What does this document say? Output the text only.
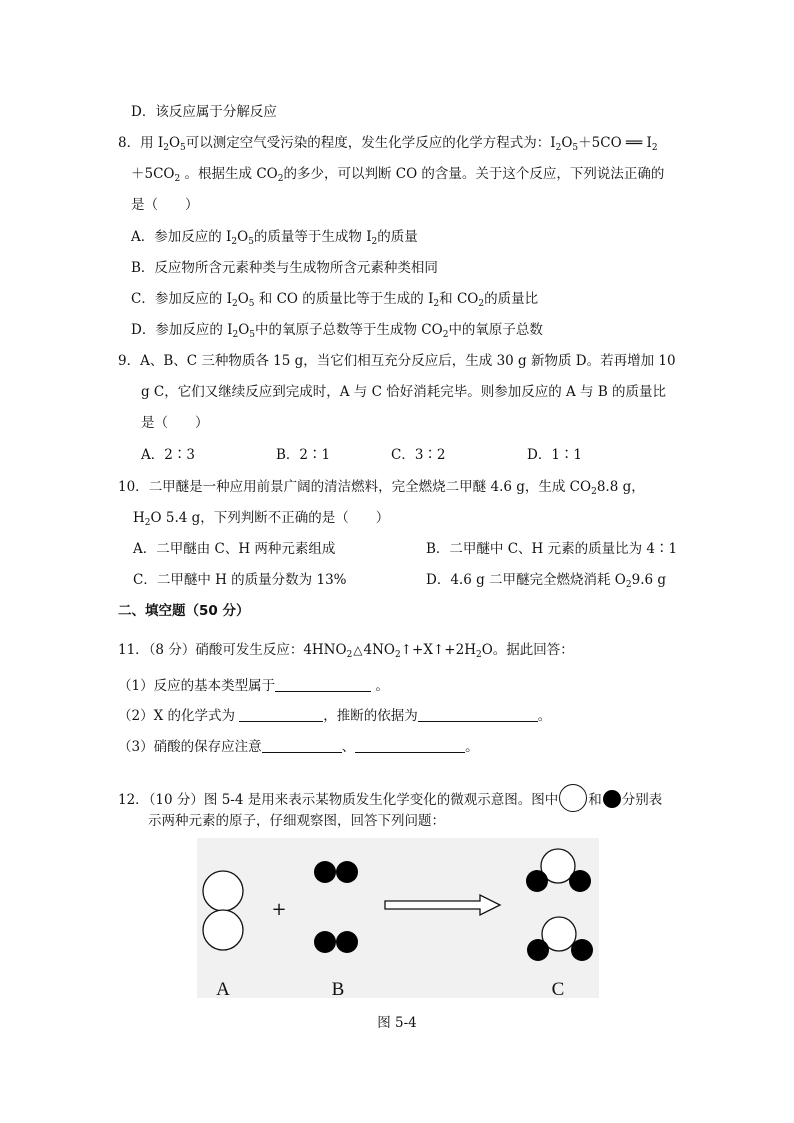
D．该反应属于分解反应
8．用 $I_2O_5$可以测定空气受污染的程度，发生化学反应的化学方程式为：$I_2O_5+5CO$ ══ $I_2$
$+5CO_2$ 。根据生成 $CO_2$的多少，可以判断 CO 的含量。关于这个反应，下列说法正确的
是（　　）
A．参加反应的 $I_2O_5$的质量等于生成物 $I_2$的质量
B．反应物所含元素种类与生成物所含元素种类相同
C．参加反应的 $I_2O_5$ 和 CO 的质量比等于生成的 $I_2$和 $CO_2$的质量比
D．参加反应的 $I_2O_5$中的氧原子总数等于生成物 $CO_2$中的氧原子总数
9．A、B、C 三种物质各 15 g，当它们相互充分反应后，生成 30 g 新物质 D。若再增加 10
g C，它们又继续反应到完成时，A 与 C 恰好消耗完毕。则参加反应的 A 与 B 的质量比
是（　　）
A．2∶3	B．2∶1	C．3∶2	D．1∶1
10．二甲醚是一种应用前景广阔的清洁燃料，完全燃烧二甲醚 4.6 g，生成 $CO_28.8$ g，
$H_2O$ 5.4 g，下列判断不正确的是（　　）
A．二甲醚由 C、H 两种元素组成	B．二甲醚中 C、H 元素的质量比为 4∶1
C．二甲醚中 H 的质量分数为 13%	D．4.6 g 二甲醚完全燃烧消耗 $O_29.6$ g
二、填空题（50 分）
11．（8 分）硝酸可发生反应：$4HNO_2\triangle 4NO_2↑+X↑+2H_2O$。据此回答：
（1）反应的基本类型属于	。
（2）X 的化学式为	，推断的依据为	。
（3）硝酸的保存应注意	、	。
12．（10 分）图 5-4 是用来表示某物质发生化学变化的微观示意图。图中 和 分别表
示两种元素的原子，仔细观察图，回答下列问题：
+
A	B	C
图 5-4
